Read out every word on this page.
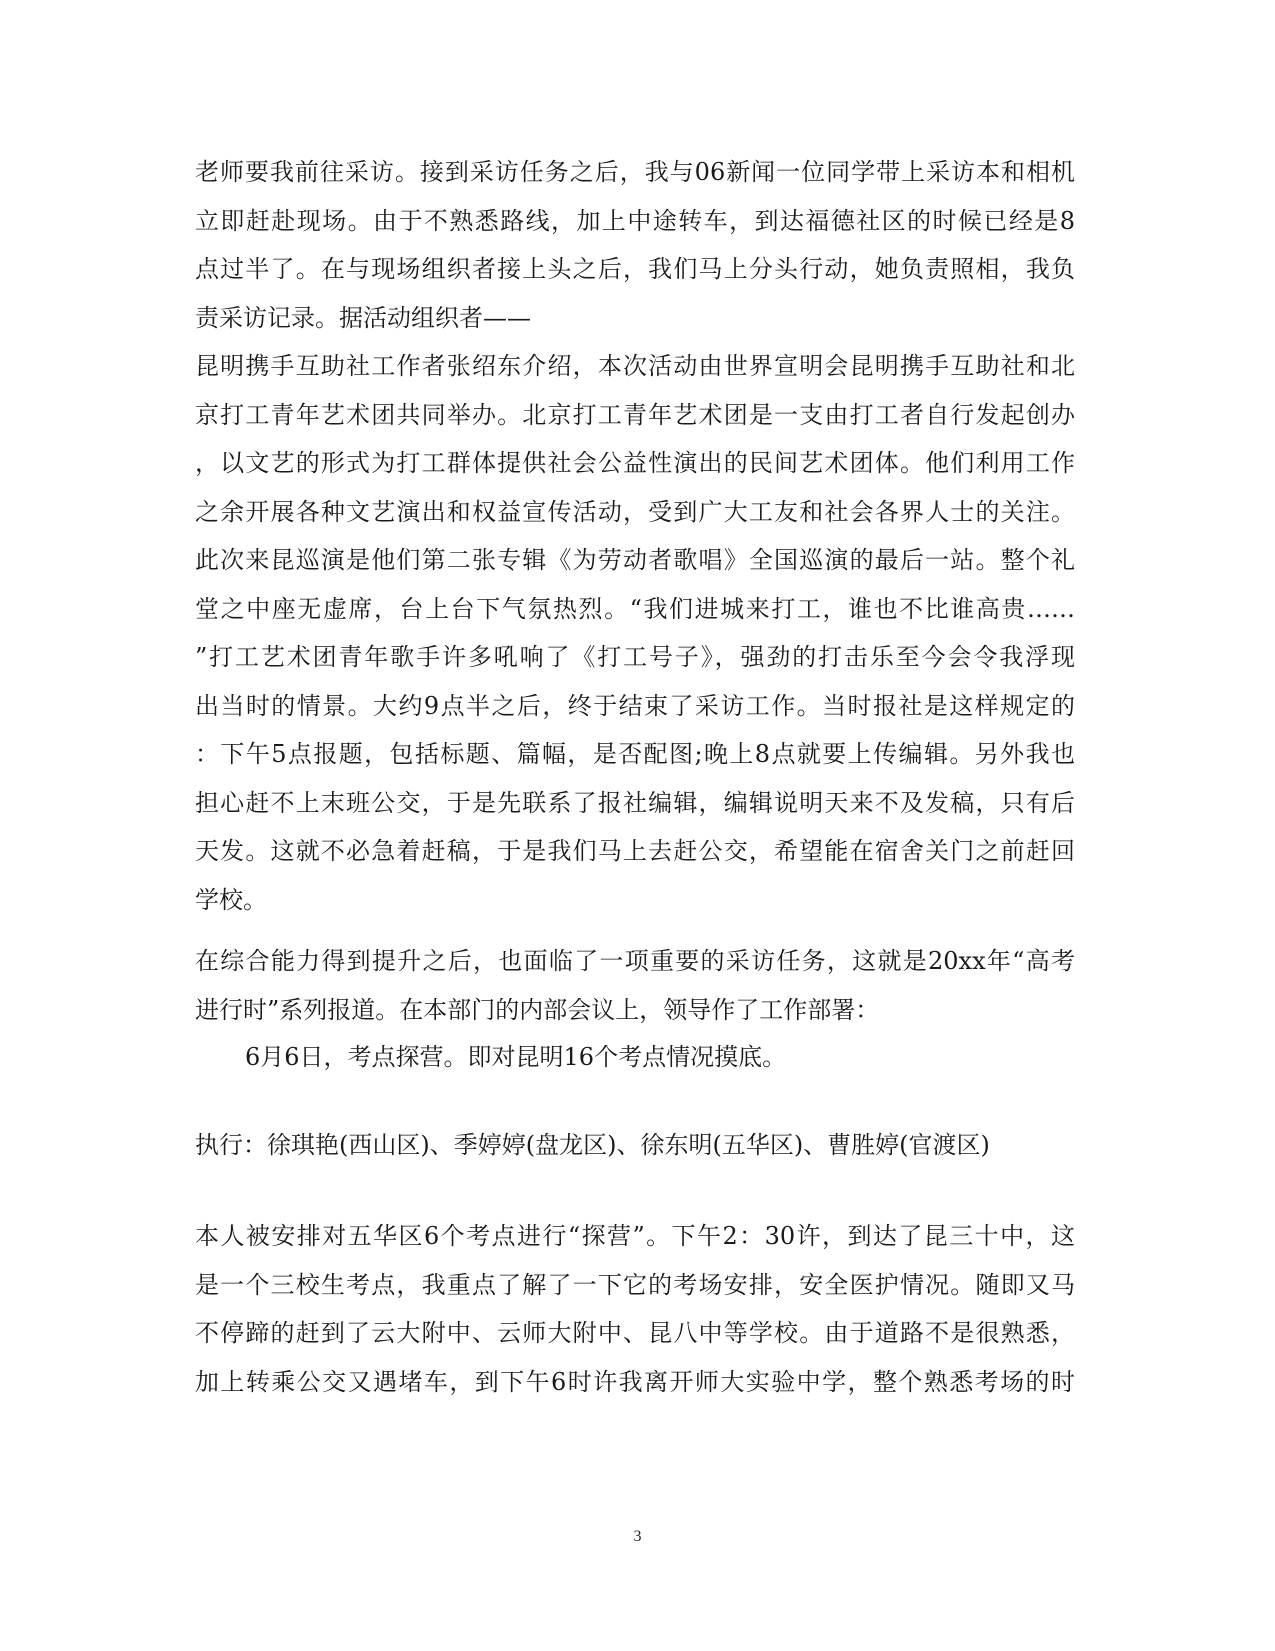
老师要我前往采访。接到采访任务之后，我与06新闻一位同学带上采访本和相机
立即赶赴现场。由于不熟悉路线，加上中途转车，到达福德社区的时候已经是8
点过半了。在与现场组织者接上头之后，我们马上分头行动，她负责照相，我负
责采访记录。据活动组织者——
昆明携手互助社工作者张绍东介绍，本次活动由世界宣明会昆明携手互助社和北
京打工青年艺术团共同举办。北京打工青年艺术团是一支由打工者自行发起创办
，以文艺的形式为打工群体提供社会公益性演出的民间艺术团体。他们利用工作
之余开展各种文艺演出和权益宣传活动，受到广大工友和社会各界人士的关注。
此次来昆巡演是他们第二张专辑《为劳动者歌唱》全国巡演的最后一站。整个礼
堂之中座无虚席，台上台下气氛热烈。“我们进城来打工，谁也不比谁高贵……
”打工艺术团青年歌手许多吼响了《打工号子》，强劲的打击乐至今会令我浮现
出当时的情景。大约9点半之后，终于结束了采访工作。当时报社是这样规定的
：下午5点报题，包括标题、篇幅，是否配图;晚上8点就要上传编辑。另外我也
担心赶不上末班公交，于是先联系了报社编辑，编辑说明天来不及发稿，只有后
天发。这就不必急着赶稿，于是我们马上去赶公交，希望能在宿舍关门之前赶回
学校。
在综合能力得到提升之后，也面临了一项重要的采访任务，这就是20xx年“高考
进行时”系列报道。在本部门的内部会议上，领导作了工作部署：
6月6日，考点探营。即对昆明16个考点情况摸底。
执行：徐琪艳(西山区)、季婷婷(盘龙区)、徐东明(五华区)、曹胜婷(官渡区)
本人被安排对五华区6个考点进行“探营”。下午2：30许，到达了昆三十中，这
是一个三校生考点，我重点了解了一下它的考场安排，安全医护情况。随即又马
不停蹄的赶到了云大附中、云师大附中、昆八中等学校。由于道路不是很熟悉，
加上转乘公交又遇堵车，到下午6时许我离开师大实验中学，整个熟悉考场的时
3
